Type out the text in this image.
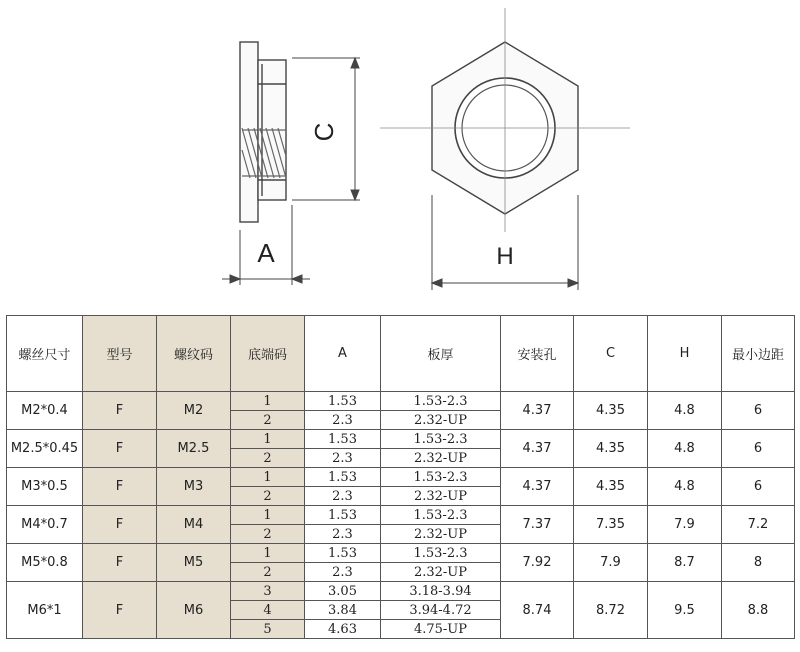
C
A	H
螺丝尺寸	型号	螺纹码	底端码	A	板厚	安装孔	C	H	最小边距
M2*0.4	F	M2	1	1.53	1.53-2.3	4.37	4.35	4.8	6
			2	2.3	2.32-UP				
M2.5*0.45	F	M2.5	1	1.53	1.53-2.3	4.37	4.35	4.8	6
			2	2.3	2.32-UP				
M3*0.5	F	M3	1	1.53	1.53-2.3	4.37	4.35	4.8	6
			2	2.3	2.32-UP				
M4*0.7	F	M4	1	1.53	1.53-2.3	7.37	7.35	7.9	7.2
			2	2.3	2.32-UP				
M5*0.8	F	M5	1	1.53	1.53-2.3	7.92	7.9	8.7	8
			2	2.3	2.32-UP				
M6*1	F	M6	3	3.05	3.18-3.94	8.74	8.72	9.5	8.8
			4	3.84	3.94-4.72				
			5	4.63	4.75-UP				
